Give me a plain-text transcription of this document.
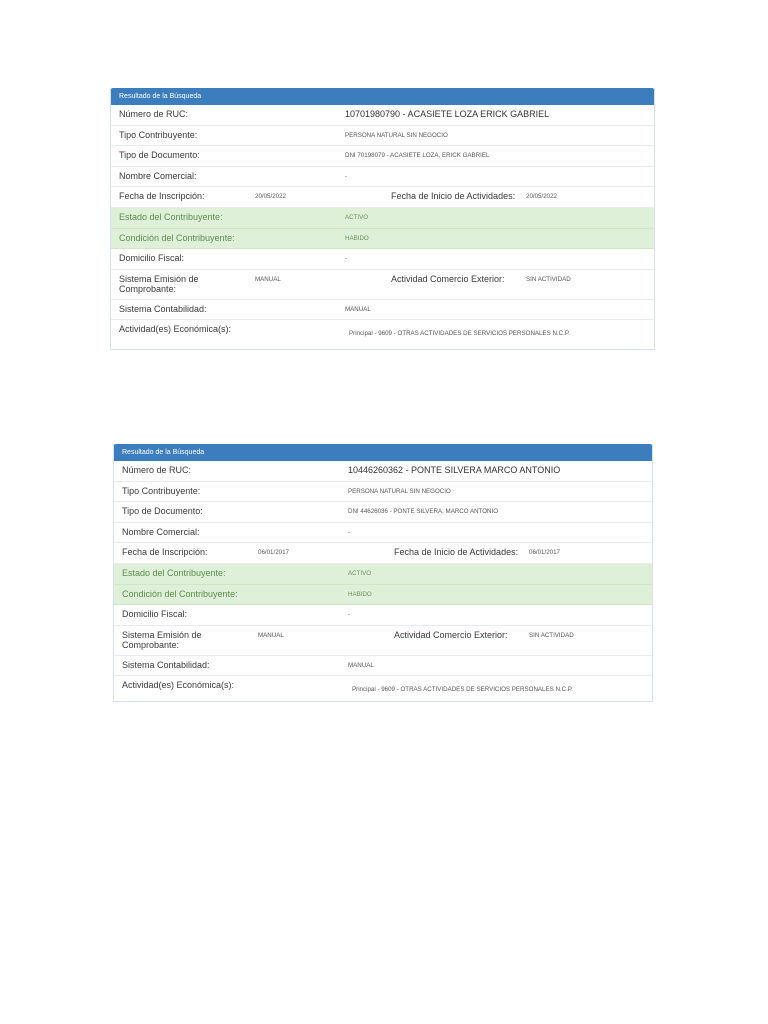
Resultado de la Búsqueda
Número de RUC:	10701980790 - ACASIETE LOZA ERICK GABRIEL
Tipo Contribuyente:	PERSONA NATURAL SIN NEGOCIO
Tipo de Documento:	DNI 70198079 - ACASIETE LOZA, ERICK GABRIEL
Nombre Comercial:	-
Fecha de Inscripción:	20/05/2022	Fecha de Inicio de Actividades: 20/05/2022
Estado del Contribuyente:	ACTIVO
Condición del Contribuyente:	HABIDO
Domicilio Fiscal:	-
Sistema Emisión de Comprobante:
MANUAL	Actividad Comercio Exterior:	SIN ACTIVIDAD
Sistema Contabilidad:	MANUAL
Actividad(es) Económica(s):	Principal - 9609 - OTRAS ACTIVIDADES DE SERVICIOS PERSONALES N.C.P.
Resultado de la Búsqueda
Número de RUC:	10446260362 - PONTE SILVERA MARCO ANTONIO
Tipo Contribuyente:	PERSONA NATURAL SIN NEGOCIO
Tipo de Documento:	DNI 44626036 - PONTE SILVERA, MARCO ANTONIO
Nombre Comercial:	-
Fecha de Inscripción:	06/01/2017	Fecha de Inicio de Actividades: 06/01/2017
Estado del Contribuyente:	ACTIVO
Condición del Contribuyente:	HABIDO
Domicilio Fiscal:	-
Sistema Emisión de Comprobante:
MANUAL	Actividad Comercio Exterior:	SIN ACTIVIDAD
Sistema Contabilidad:	MANUAL
Actividad(es) Económica(s):	Principal - 9609 - OTRAS ACTIVIDADES DE SERVICIOS PERSONALES N.C.P.
